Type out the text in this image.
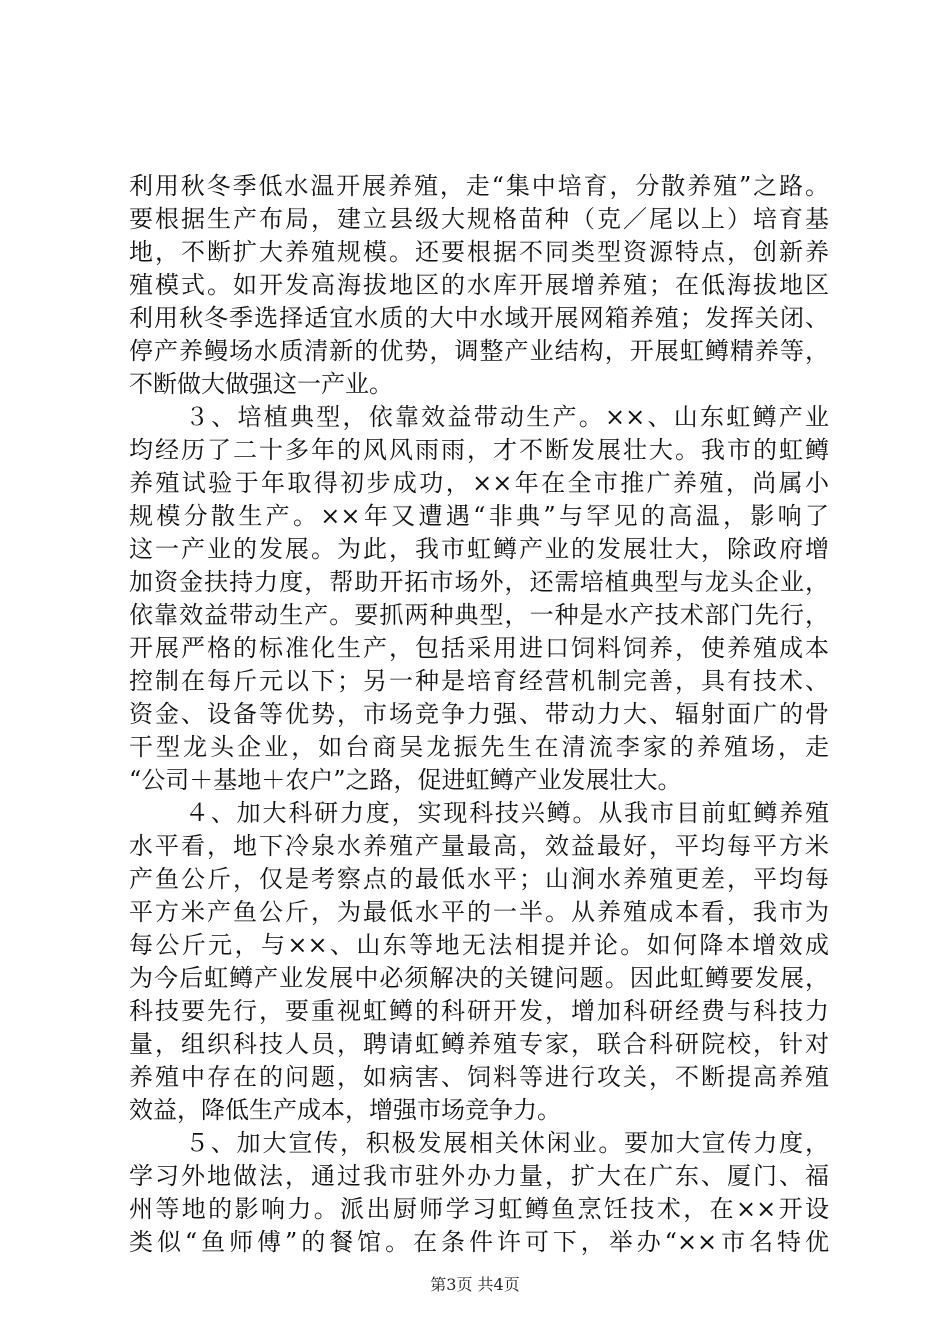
利用秋冬季低水温开展养殖，走“集中培育，分散养殖”之路。
要根据生产布局，建立县级大规格苗种（克／尾以上）培育基
地，不断扩大养殖规模。还要根据不同类型资源特点，创新养
殖模式。如开发高海拔地区的水库开展增养殖；在低海拔地区
利用秋冬季选择适宜水质的大中水域开展网箱养殖；发挥关闭、
停产养鳗场水质清新的优势，调整产业结构，开展虹鳟精养等，
不断做大做强这一产业。
３、培植典型，依靠效益带动生产。××、山东虹鳟产业
均经历了二十多年的风风雨雨，才不断发展壮大。我市的虹鳟
养殖试验于年取得初步成功，××年在全市推广养殖，尚属小
规模分散生产。××年又遭遇“非典”与罕见的高温，影响了
这一产业的发展。为此，我市虹鳟产业的发展壮大，除政府增
加资金扶持力度，帮助开拓市场外，还需培植典型与龙头企业，
依靠效益带动生产。要抓两种典型，一种是水产技术部门先行，
开展严格的标准化生产，包括采用进口饲料饲养，使养殖成本
控制在每斤元以下；另一种是培育经营机制完善，具有技术、
资金、设备等优势，市场竞争力强、带动力大、辐射面广的骨
干型龙头企业，如台商吴龙振先生在清流李家的养殖场，走
“公司＋基地＋农户”之路，促进虹鳟产业发展壮大。
４、加大科研力度，实现科技兴鳟。从我市目前虹鳟养殖
水平看，地下冷泉水养殖产量最高，效益最好，平均每平方米
产鱼公斤，仅是考察点的最低水平；山涧水养殖更差，平均每
平方米产鱼公斤，为最低水平的一半。从养殖成本看，我市为
每公斤元，与××、山东等地无法相提并论。如何降本增效成
为今后虹鳟产业发展中必须解决的关键问题。因此虹鳟要发展，
科技要先行，要重视虹鳟的科研开发，增加科研经费与科技力
量，组织科技人员，聘请虹鳟养殖专家，联合科研院校，针对
养殖中存在的问题，如病害、饲料等进行攻关，不断提高养殖
效益，降低生产成本，增强市场竞争力。
５、加大宣传，积极发展相关休闲业。要加大宣传力度，
学习外地做法，通过我市驻外办力量，扩大在广东、厦门、福
州等地的影响力。派出厨师学习虹鳟鱼烹饪技术，在××开设
类似“鱼师傅”的餐馆。在条件许可下，举办“××市名特优
第3页 共4页
